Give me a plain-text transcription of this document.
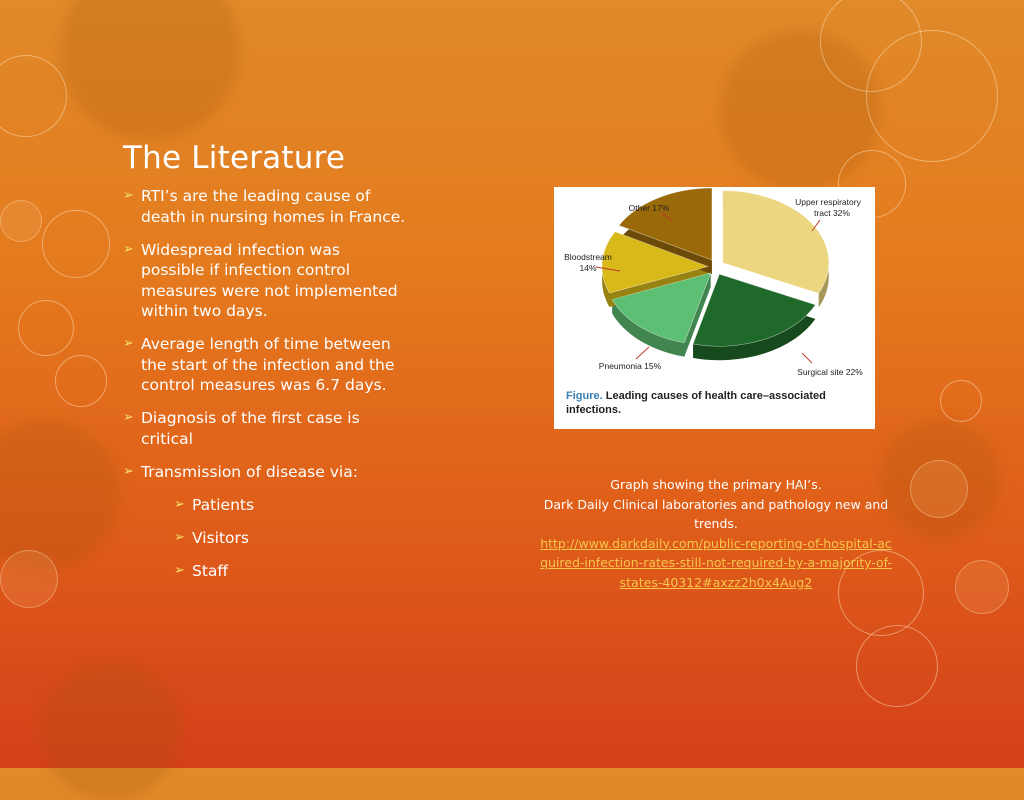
The Literature
➢ RTI’s are the leading cause of death in nursing homes in France.
➢ Widespread infection was possible if infection control measures were not implemented within two days.
➢ Average length of time between the start of the infection and the control measures was 6.7 days.
➢ Diagnosis of the first case is critical
➢ Transmission of disease via:
➢ Patients
➢ Visitors
➢ Staff
Upper respiratory
tract 32%
Surgical site 22%
Pneumonia 15%
Bloodstream
14%
Other 17%
Figure. Leading causes of health care–associated
infections.
Graph showing the primary HAI’s.
Dark Daily Clinical laboratories and pathology new and trends.
http://www.darkdaily.com/public-reporting-of-hospital-acquired-infection-rates-still-not-required-by-a-majority-of-states-40312#axzz2h0x4Aug2
